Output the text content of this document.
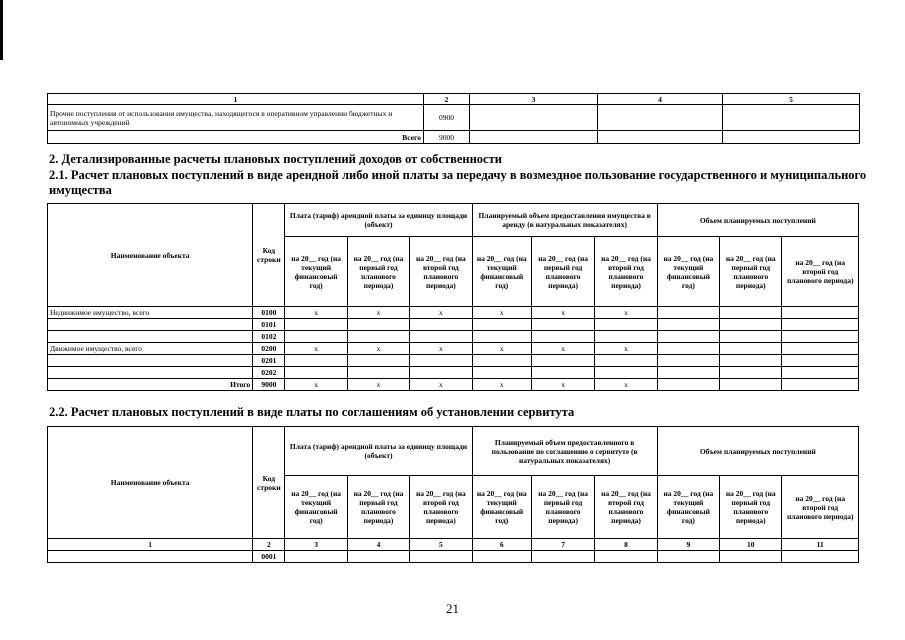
1	2	3	4	5
Прочие поступления от использования имущества, находящегося в оперативном управлении бюджетных и автономных учреждений	0900			
Всего	9000			
2. Детализированные расчеты плановых поступлений доходов от собственности
2.1. Расчет плановых поступлений в виде арендной либо иной платы за передачу в возмездное пользование государственного и муниципального имущества
Наименование объекта	Код строки	Плата (тариф) арендной платы за единицу площади (объект)			Планируемый объем предоставления имущества в аренду (в натуральных показателях)			Объем планируемых поступлений		
		на 20__ год (на текущий финансовый год)	на 20__ год (на первый год планового периода)	на 20__ год (на второй год планового периода)	на 20__ год (на текущий финансовый год)	на 20__ год (на первый год планового периода)	на 20__ год (на второй год планового периода)	на 20__ год (на текущий финансовый год)	на 20__ год (на первый год планового периода)	на 20__ год (на второй год планового периода)
Недвижимое имущество, всего	0100	x	x	x	x	x	x			
	0101									
	0102									
Движимое имущество, всего	0200	x	x	x	x	x	x			
	0201									
	0202									
Итого	9000	x	x	x	x	x	x			
2.2. Расчет плановых поступлений в виде платы по соглашениям об установлении сервитута
Наименование объекта	Код строки	Плата (тариф) арендной платы за единицу площади (объект)			Планируемый объем предоставленного в пользование по соглашению о сервитуте (в натуральных показателях)			Объем планируемых поступлений		
		на 20__ год (на текущий финансовый год)	на 20__ год (на первый год планового периода)	на 20__ год (на второй год планового периода)	на 20__ год (на текущий финансовый год)	на 20__ год (на первый год планового периода)	на 20__ год (на второй год планового периода)	на 20__ год (на текущий финансовый год)	на 20__ год (на первый год планового периода)	на 20__ год (на второй год планового периода)
1	2	3	4	5	6	7	8	9	10	11
	0001									
21
